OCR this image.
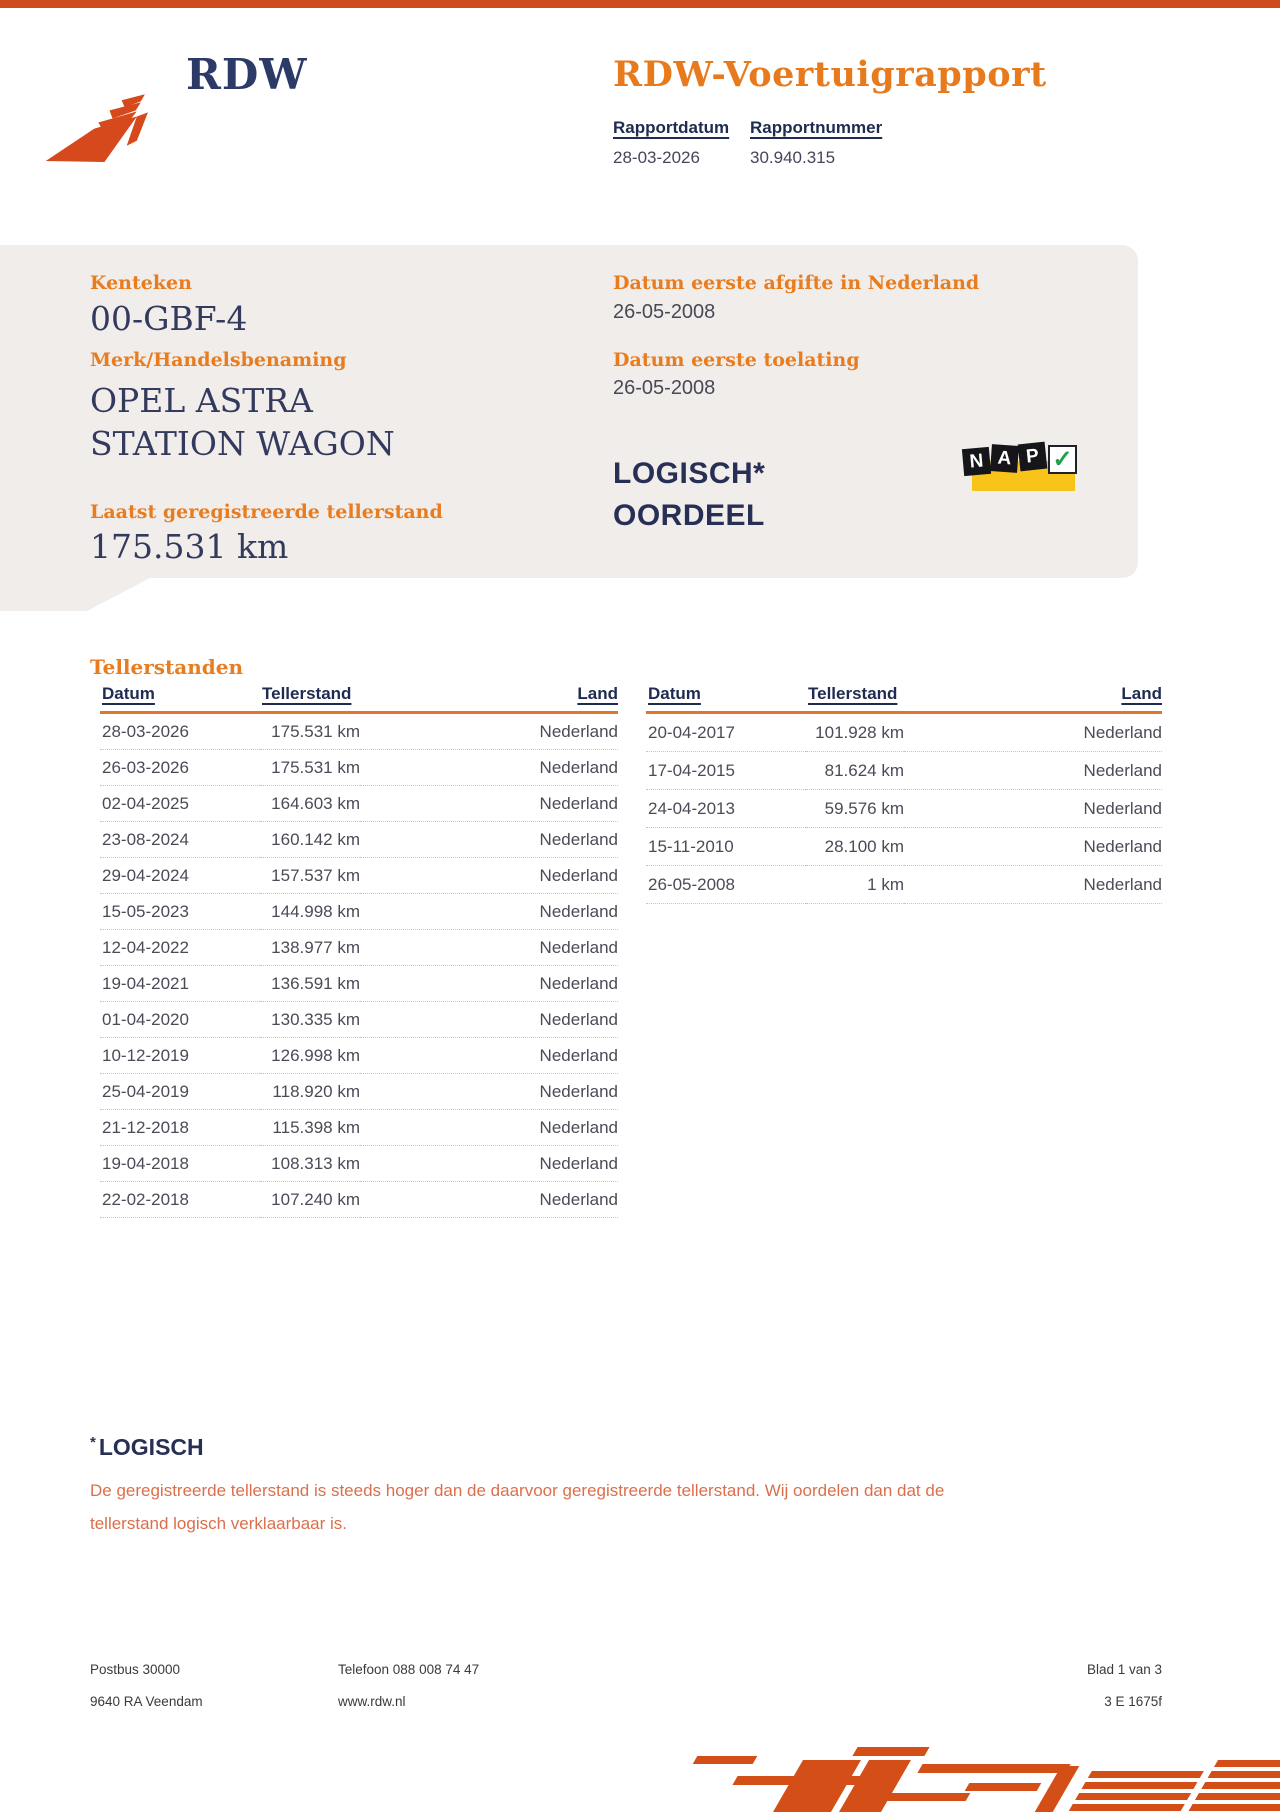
RDW	RDW-Voertuigrapport
Rapportdatum
28-03-2026
Rapportnummer
30.940.315
Kenteken
00-GBF-4
Merk/Handelsbenaming
OPEL ASTRA
STATION WAGON
Laatst geregistreerde tellerstand
175.531 km
Datum eerste afgifte in Nederland
26-05-2008
Datum eerste toelating
26-05-2008
LOGISCH*
OORDEEL
N A P ✓
Tellerstanden
Datum	Tellerstand	Land
28-03-2026	175.531 km	Nederland
26-03-2026	175.531 km	Nederland
02-04-2025	164.603 km	Nederland
23-08-2024	160.142 km	Nederland
29-04-2024	157.537 km	Nederland
15-05-2023	144.998 km	Nederland
12-04-2022	138.977 km	Nederland
19-04-2021	136.591 km	Nederland
01-04-2020	130.335 km	Nederland
10-12-2019	126.998 km	Nederland
25-04-2019	118.920 km	Nederland
21-12-2018	115.398 km	Nederland
19-04-2018	108.313 km	Nederland
22-02-2018	107.240 km	Nederland
Datum	Tellerstand	Land
20-04-2017	101.928 km	Nederland
17-04-2015	81.624 km	Nederland
24-04-2013	59.576 km	Nederland
15-11-2010	28.100 km	Nederland
26-05-2008	1 km	Nederland
* LOGISCH
De geregistreerde tellerstand is steeds hoger dan de daarvoor geregistreerde tellerstand. Wij oordelen dan dat de
tellerstand logisch verklaarbaar is.
Postbus 30000
9640 RA Veendam
Telefoon 088 008 74 47
www.rdw.nl
Blad 1 van 3
3 E 1675f
